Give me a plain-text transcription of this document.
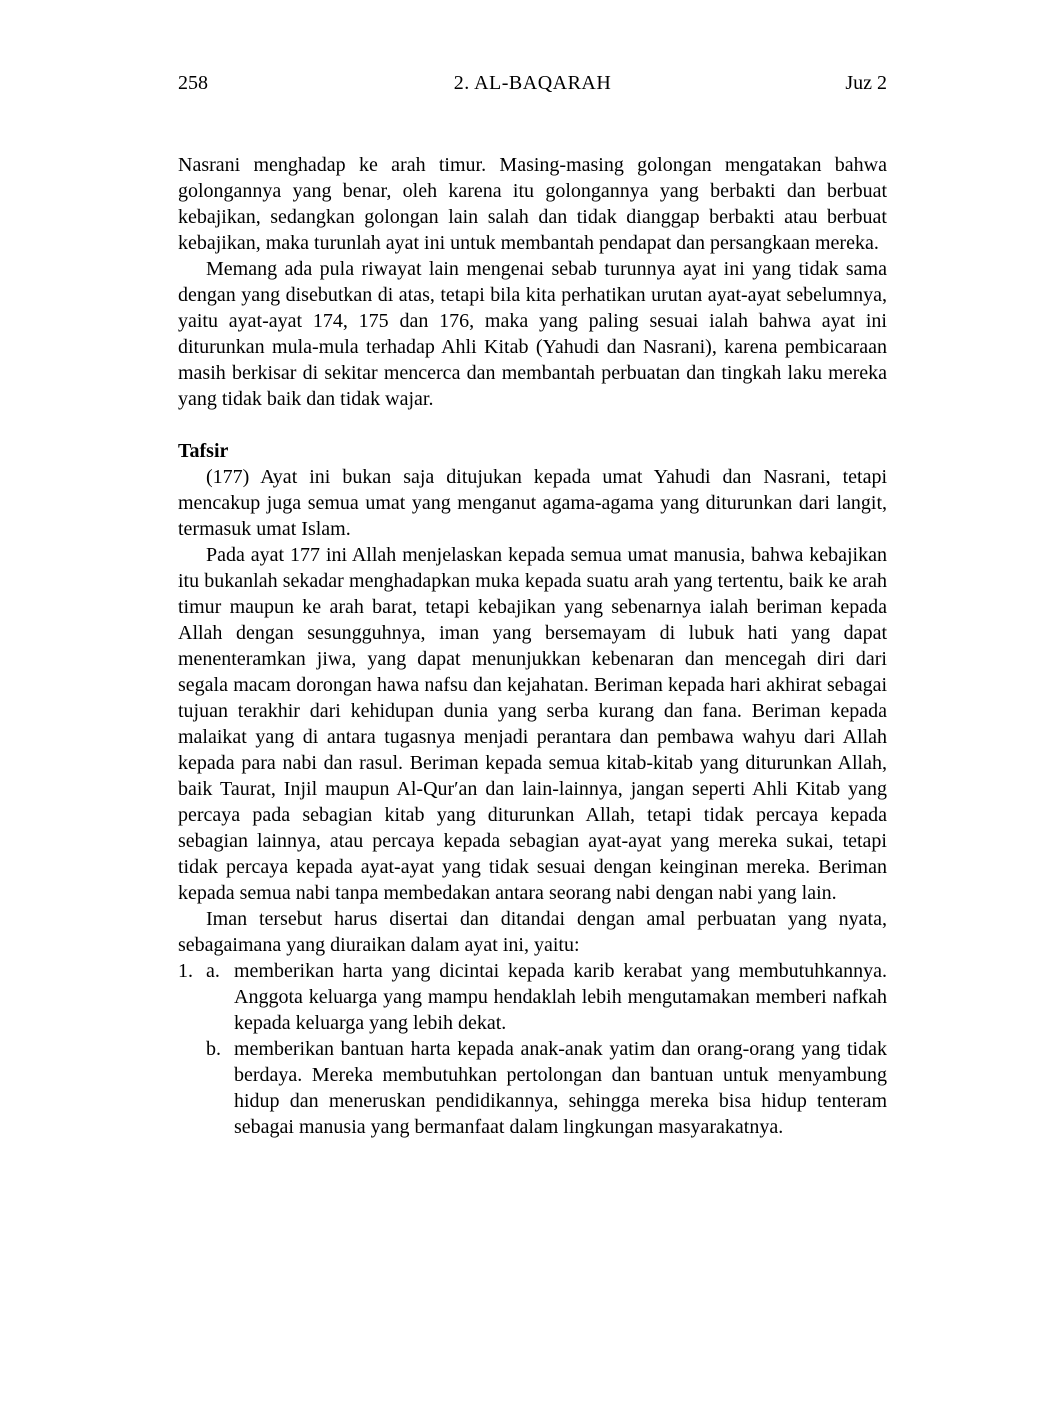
258	2. AL-BAQARAH	Juz 2

Nasrani menghadap ke arah timur. Masing-masing golongan mengatakan bahwa golongannya yang benar, oleh karena itu golongannya yang berbakti dan berbuat kebajikan, sedangkan golongan lain salah dan tidak dianggap berbakti atau berbuat kebajikan, maka turunlah ayat ini untuk membantah pendapat dan persangkaan mereka.

Memang ada pula riwayat lain mengenai sebab turunnya ayat ini yang tidak sama dengan yang disebutkan di atas, tetapi bila kita perhatikan urutan ayat-ayat sebelumnya, yaitu ayat-ayat 174, 175 dan 176, maka yang paling sesuai ialah bahwa ayat ini diturunkan mula-mula terhadap Ahli Kitab (Yahudi dan Nasrani), karena pembicaraan masih berkisar di sekitar mencerca dan membantah perbuatan dan tingkah laku mereka yang tidak baik dan tidak wajar.

Tafsir

(177) Ayat ini bukan saja ditujukan kepada umat Yahudi dan Nasrani, tetapi mencakup juga semua umat yang menganut agama-agama yang diturunkan dari langit, termasuk umat Islam.

Pada ayat 177 ini Allah menjelaskan kepada semua umat manusia, bahwa kebajikan itu bukanlah sekadar menghadapkan muka kepada suatu arah yang tertentu, baik ke arah timur maupun ke arah barat, tetapi kebajikan yang sebenarnya ialah beriman kepada Allah dengan sesungguhnya, iman yang bersemayam di lubuk hati yang dapat menenteramkan jiwa, yang dapat menunjukkan kebenaran dan mencegah diri dari segala macam dorongan hawa nafsu dan kejahatan. Beriman kepada hari akhirat sebagai tujuan terakhir dari kehidupan dunia yang serba kurang dan fana. Beriman kepada malaikat yang di antara tugasnya menjadi perantara dan pembawa wahyu dari Allah kepada para nabi dan rasul. Beriman kepada semua kitab-kitab yang diturunkan Allah, baik Taurat, Injil maupun Al-Qur′an dan lain-lainnya, jangan seperti Ahli Kitab yang percaya pada sebagian kitab yang diturunkan Allah, tetapi tidak percaya kepada sebagian lainnya, atau percaya kepada sebagian ayat-ayat yang mereka sukai, tetapi tidak percaya kepada ayat-ayat yang tidak sesuai dengan keinginan mereka. Beriman kepada semua nabi tanpa membedakan antara seorang nabi dengan nabi yang lain.

Iman tersebut harus disertai dan ditandai dengan amal perbuatan yang nyata, sebagaimana yang diuraikan dalam ayat ini, yaitu:

1. a. memberikan harta yang dicintai kepada karib kerabat yang membutuhkannya. Anggota keluarga yang mampu hendaklah lebih mengutamakan memberi nafkah kepada keluarga yang lebih dekat.

b. memberikan bantuan harta kepada anak-anak yatim dan orang-orang yang tidak berdaya. Mereka membutuhkan pertolongan dan bantuan untuk menyambung hidup dan meneruskan pendidikannya, sehingga mereka bisa hidup tenteram sebagai manusia yang bermanfaat dalam lingkungan masyarakatnya.
